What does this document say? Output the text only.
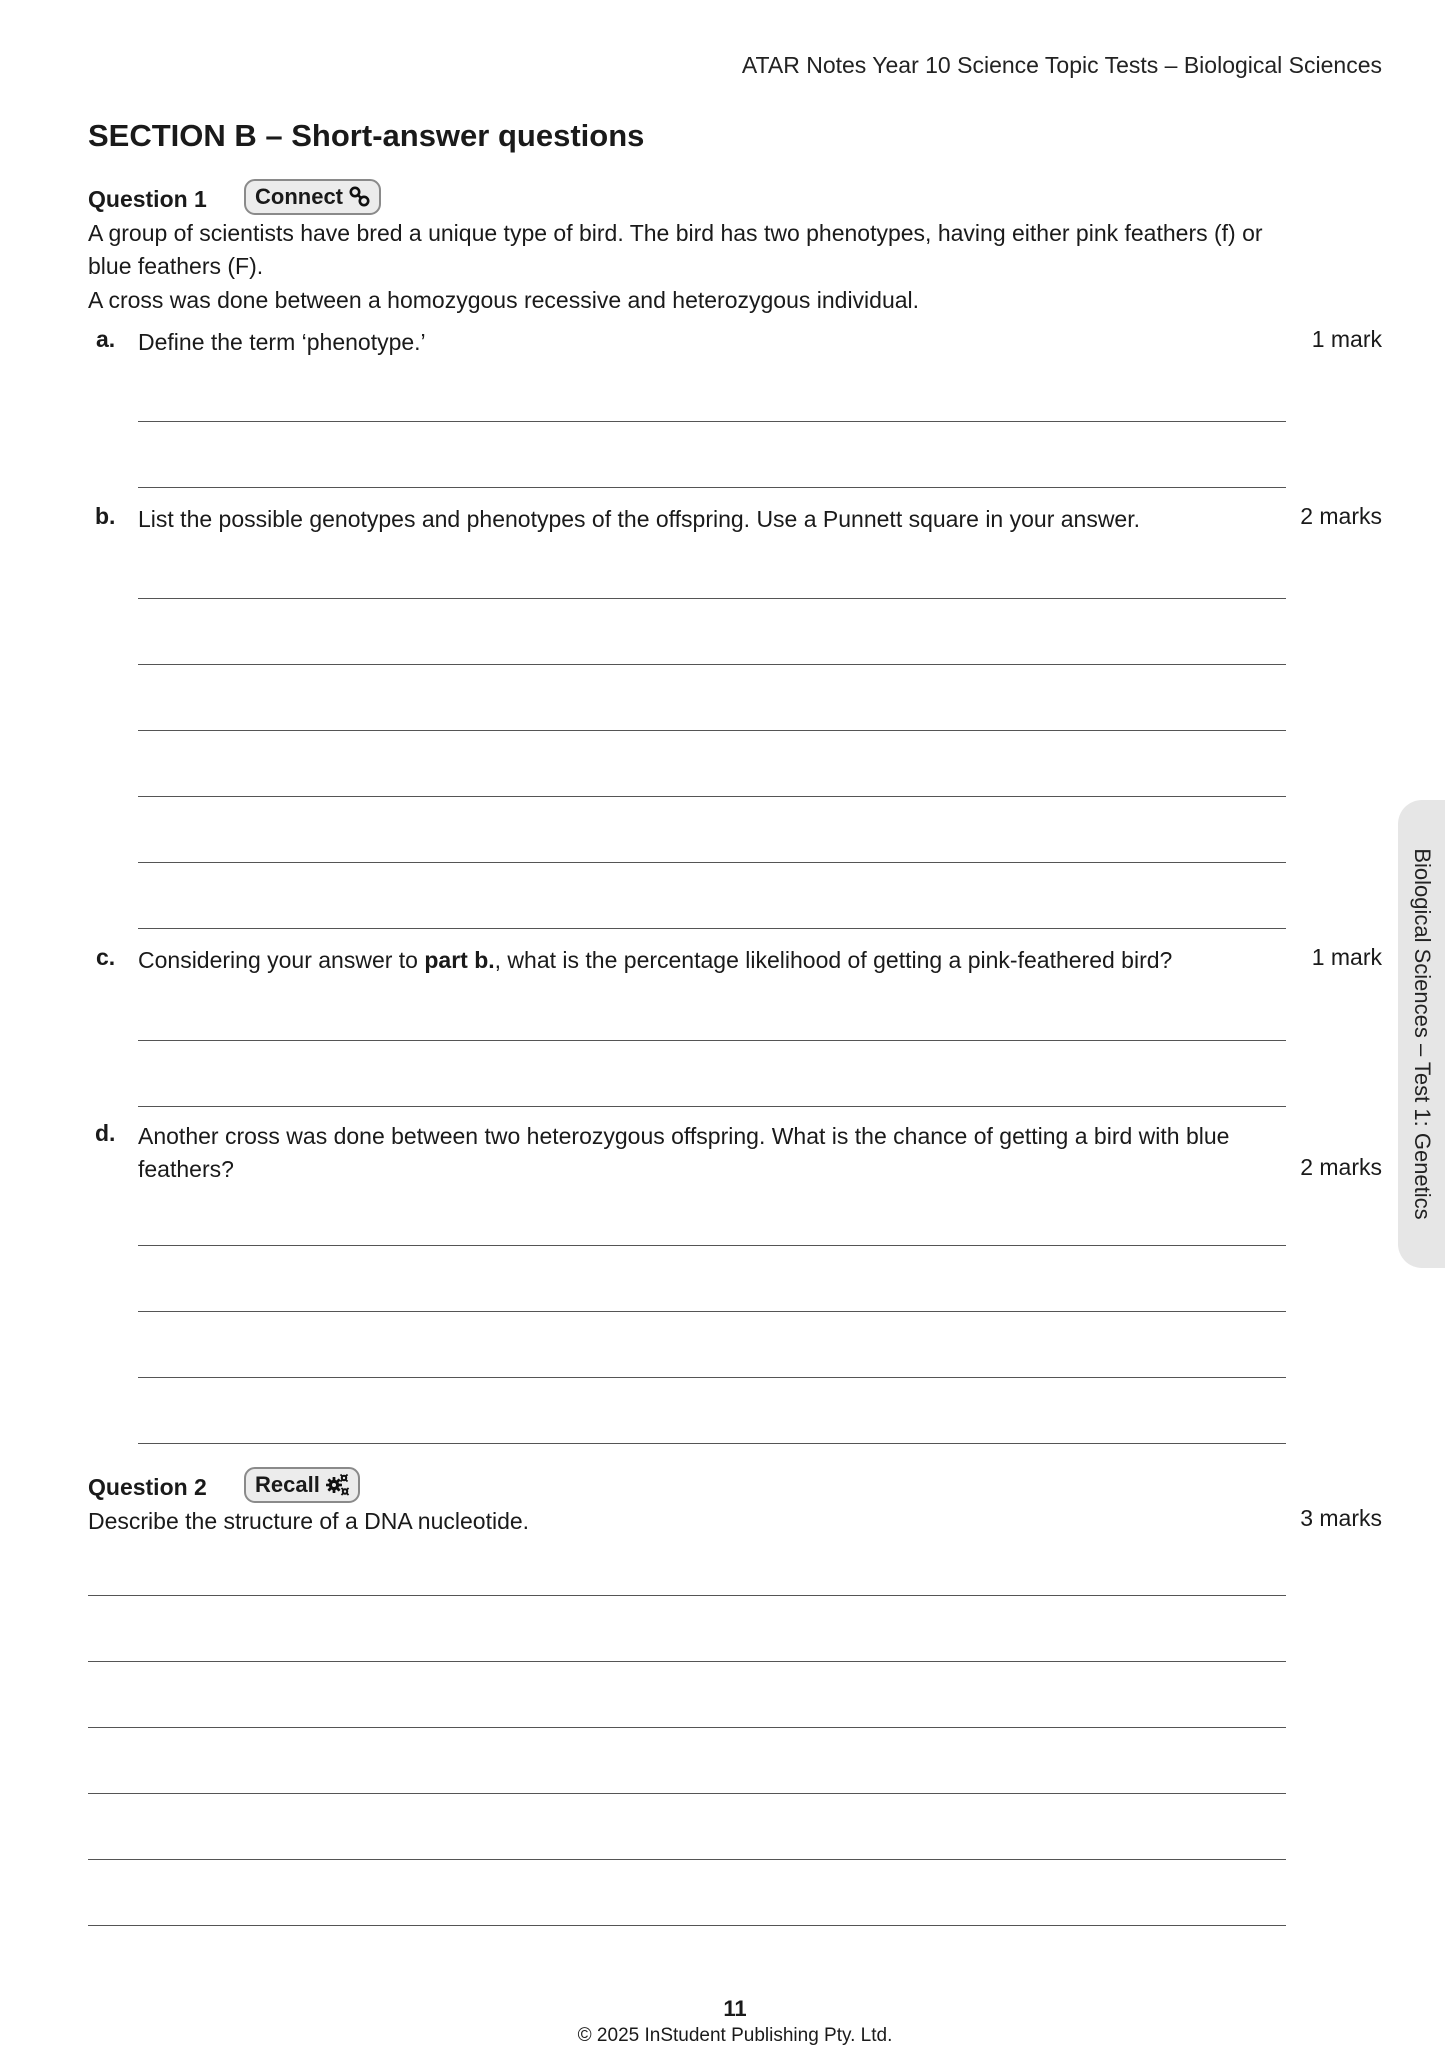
ATAR Notes Year 10 Science Topic Tests – Biological Sciences
SECTION B – Short-answer questions
Question 1 Connect
A group of scientists have bred a unique type of bird. The bird has two phenotypes, having either pink feathers (f) or blue feathers (F).
A cross was done between a homozygous recessive and heterozygous individual.
a. Define the term ‘phenotype.’	1 mark
b. List the possible genotypes and phenotypes of the offspring. Use a Punnett square in your answer.	2 marks
c. Considering your answer to part b., what is the percentage likelihood of getting a pink-feathered bird?	1 mark
d. Another cross was done between two heterozygous offspring. What is the chance of getting a bird with blue feathers?	2 marks
Question 2 Recall
Describe the structure of a DNA nucleotide.	3 marks
Biological Sciences – Test 1: Genetics
11
© 2025 InStudent Publishing Pty. Ltd.
